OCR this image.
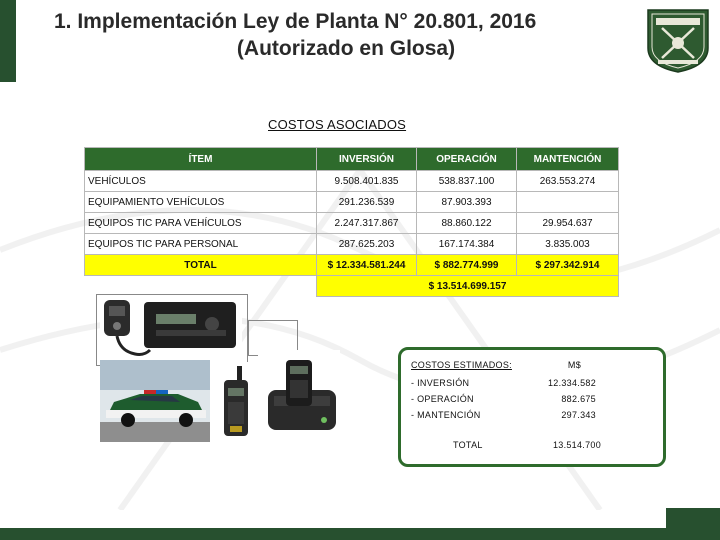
1. Implementación Ley de Planta N° 20.801, 2016
(Autorizado en Glosa)
COSTOS ASOCIADOS
ÍTEM	INVERSIÓN	OPERACIÓN	MANTENCIÓN
VEHÍCULOS	9.508.401.835	538.837.100	263.553.274
EQUIPAMIENTO VEHÍCULOS	291.236.539	87.903.393	
EQUIPOS TIC PARA VEHÍCULOS	2.247.317.867	88.860.122	29.954.637
EQUIPOS TIC PARA PERSONAL	287.625.203	167.174.384	3.835.003
TOTAL	$ 12.334.581.244	$ 882.774.999	$ 297.342.914
	$ 13.514.699.157		
COSTOS ESTIMADOS:	M$
- INVERSIÓN	12.334.582
- OPERACIÓN	882.675
- MANTENCIÓN	297.343
TOTAL	13.514.700
